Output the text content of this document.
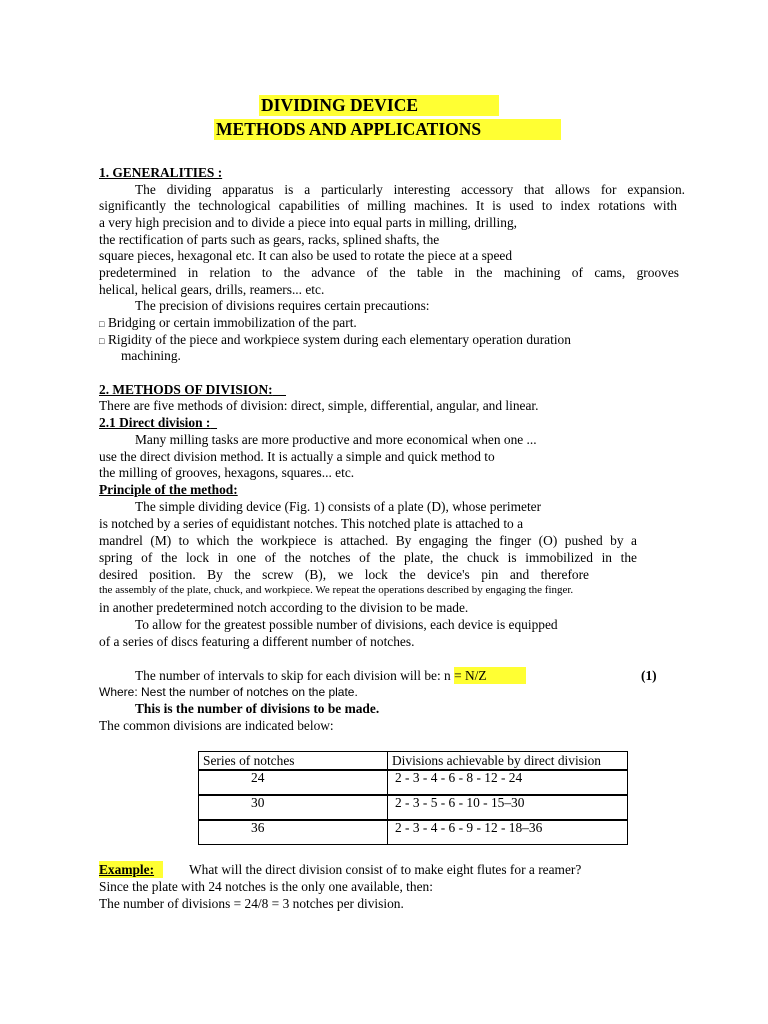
DIVIDING DEVICE
METHODS AND APPLICATIONS
1. GENERALITIES :
The dividing apparatus is a particularly interesting accessory that allows for expansion.
significantly the technological capabilities of milling machines. It is used to index rotations with
a very high precision and to divide a piece into equal parts in milling, drilling,
the rectification of parts such as gears, racks, splined shafts, the
square pieces, hexagonal etc. It can also be used to rotate the piece at a speed
predetermined in relation to the advance of the table in the machining of cams, grooves
helical, helical gears, drills, reamers... etc.
The precision of divisions requires certain precautions:
□ Bridging or certain immobilization of the part.
□ Rigidity of the piece and workpiece system during each elementary operation duration
machining.
2. METHODS OF DIVISION:
There are five methods of division: direct, simple, differential, angular, and linear.
2.1 Direct division :
Many milling tasks are more productive and more economical when one ...
use the direct division method. It is actually a simple and quick method to
the milling of grooves, hexagons, squares... etc.
Principle of the method:
The simple dividing device (Fig. 1) consists of a plate (D), whose perimeter
is notched by a series of equidistant notches. This notched plate is attached to a
mandrel (M) to which the workpiece is attached. By engaging the finger (O) pushed by a
spring of the lock in one of the notches of the plate, the chuck is immobilized in the
desired position. By the screw (B), we lock the device's pin and therefore
the assembly of the plate, chuck, and workpiece. We repeat the operations described by engaging the finger.
in another predetermined notch according to the division to be made.
To allow for the greatest possible number of divisions, each device is equipped
of a series of discs featuring a different number of notches.
The number of intervals to skip for each division will be: n = N/Z	(1)
Where: Nest the number of notches on the plate.
This is the number of divisions to be made.
The common divisions are indicated below:
Series of notches	Divisions achievable by direct division
24	2 - 3 - 4 - 6 - 8 - 12 - 24
30	2 - 3 - 5 - 6 - 10 - 15–30
36	2 - 3 - 4 - 6 - 9 - 12 - 18–36
Example:	What will the direct division consist of to make eight flutes for a reamer?
Since the plate with 24 notches is the only one available, then:
The number of divisions = 24/8 = 3 notches per division.
